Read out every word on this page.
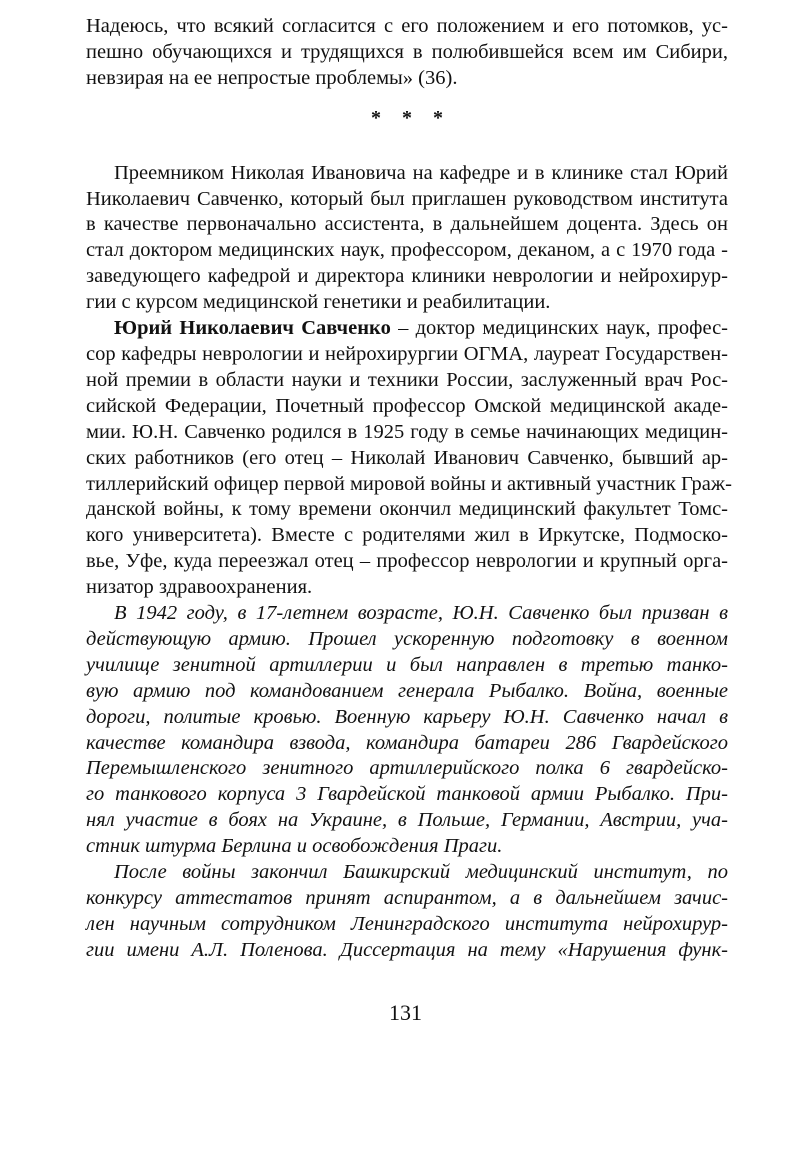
Надеюсь, что всякий согласится с его положением и его потомков, ус-
пешно обучающихся и трудящихся в полюбившейся всем им Сибири,
невзирая на ее непростые проблемы» (36).

* * *

Преемником Николая Ивановича на кафедре и в клинике стал Юрий
Николаевич Савченко, который был приглашен руководством института
в качестве первоначально ассистента, в дальнейшем доцента. Здесь он
стал доктором медицинских наук, профессором, деканом, а с 1970 года -
заведующего кафедрой и директора клиники неврологии и нейрохирур-
гии с курсом медицинской генетики и реабилитации.

Юрий Николаевич Савченко – доктор медицинских наук, профес-
сор кафедры неврологии и нейрохирургии ОГМА, лауреат Государствен-
ной премии в области науки и техники России, заслуженный врач Рос-
сийской Федерации, Почетный профессор Омской медицинской акаде-
мии. Ю.Н. Савченко родился в 1925 году в семье начинающих медицин-
ских работников (его отец – Николай Иванович Савченко, бывший ар-
тиллерийский офицер первой мировой войны и активный участник Граж-
данской войны, к тому времени окончил медицинский факультет Томс-
кого университета). Вместе с родителями жил в Иркутске, Подмоско-
вье, Уфе, куда переезжал отец – профессор неврологии и крупный орга-
низатор здравоохранения.

В 1942 году, в 17-летнем возрасте, Ю.Н. Савченко был призван в
действующую армию. Прошел ускоренную подготовку в военном
училище зенитной артиллерии и был направлен в третью танко-
вую армию под командованием генерала Рыбалко. Война, военные
дороги, политые кровью. Военную карьеру Ю.Н. Савченко начал в
качестве командира взвода, командира батареи 286 Гвардейского
Перемышленского зенитного артиллерийского полка 6 гвардейско-
го танкового корпуса 3 Гвардейской танковой армии Рыбалко. При-
нял участие в боях на Украине, в Польше, Германии, Австрии, уча-
стник штурма Берлина и освобождения Праги.

После войны закончил Башкирский медицинский институт, по
конкурсу аттестатов принят аспирантом, а в дальнейшем зачис-
лен научным сотрудником Ленинградского института нейрохирур-
гии имени А.Л. Поленова. Диссертация на тему «Нарушения функ-

131
